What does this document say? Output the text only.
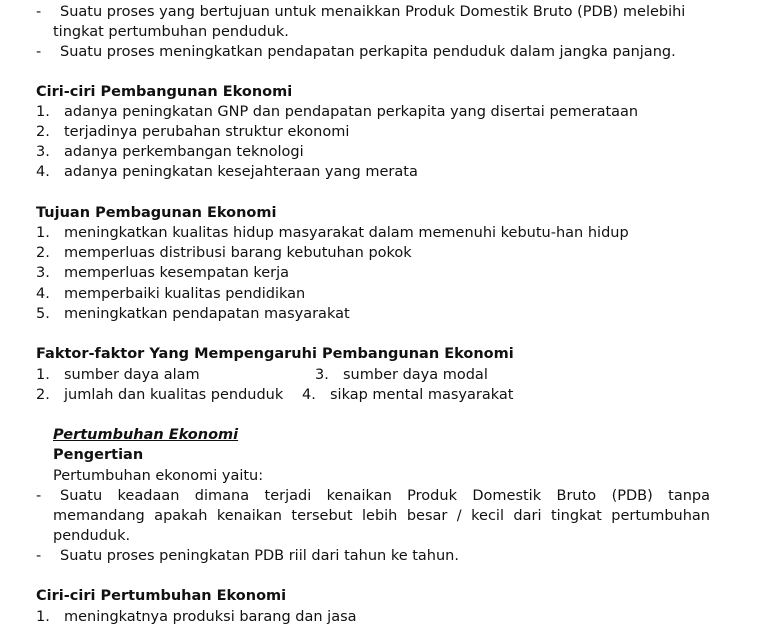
- Suatu proses yang bertujuan untuk menaikkan Produk Domestik Bruto (PDB) melebihi
tingkat pertumbuhan penduduk.
- Suatu proses meningkatkan pendapatan perkapita penduduk dalam jangka panjang.
Ciri-ciri Pembangunan Ekonomi
1. adanya peningkatan GNP dan pendapatan perkapita yang disertai pemerataan
2. terjadinya perubahan struktur ekonomi
3. adanya perkembangan teknologi
4. adanya peningkatan kesejahteraan yang merata
Tujuan Pembagunan Ekonomi
1. meningkatkan kualitas hidup masyarakat dalam memenuhi kebutu-han hidup
2. memperluas distribusi barang kebutuhan pokok
3. memperluas kesempatan kerja
4. memperbaiki kualitas pendidikan
5. meningkatkan pendapatan masyarakat
Faktor-faktor Yang Mempengaruhi Pembangunan Ekonomi
1. sumber daya alam	3. sumber daya modal
2. jumlah dan kualitas penduduk 4. sikap mental masyarakat
Pertumbuhan Ekonomi
Pengertian
Pertumbuhan ekonomi yaitu:
-	Suatu keadaan dimana terjadi kenaikan Produk Domestik Bruto (PDB) tanpa
memandang apakah kenaikan tersebut lebih besar / kecil dari tingkat pertumbuhan
penduduk.
- Suatu proses peningkatan PDB riil dari tahun ke tahun.
Ciri-ciri Pertumbuhan Ekonomi
1. meningkatnya produksi barang dan jasa
